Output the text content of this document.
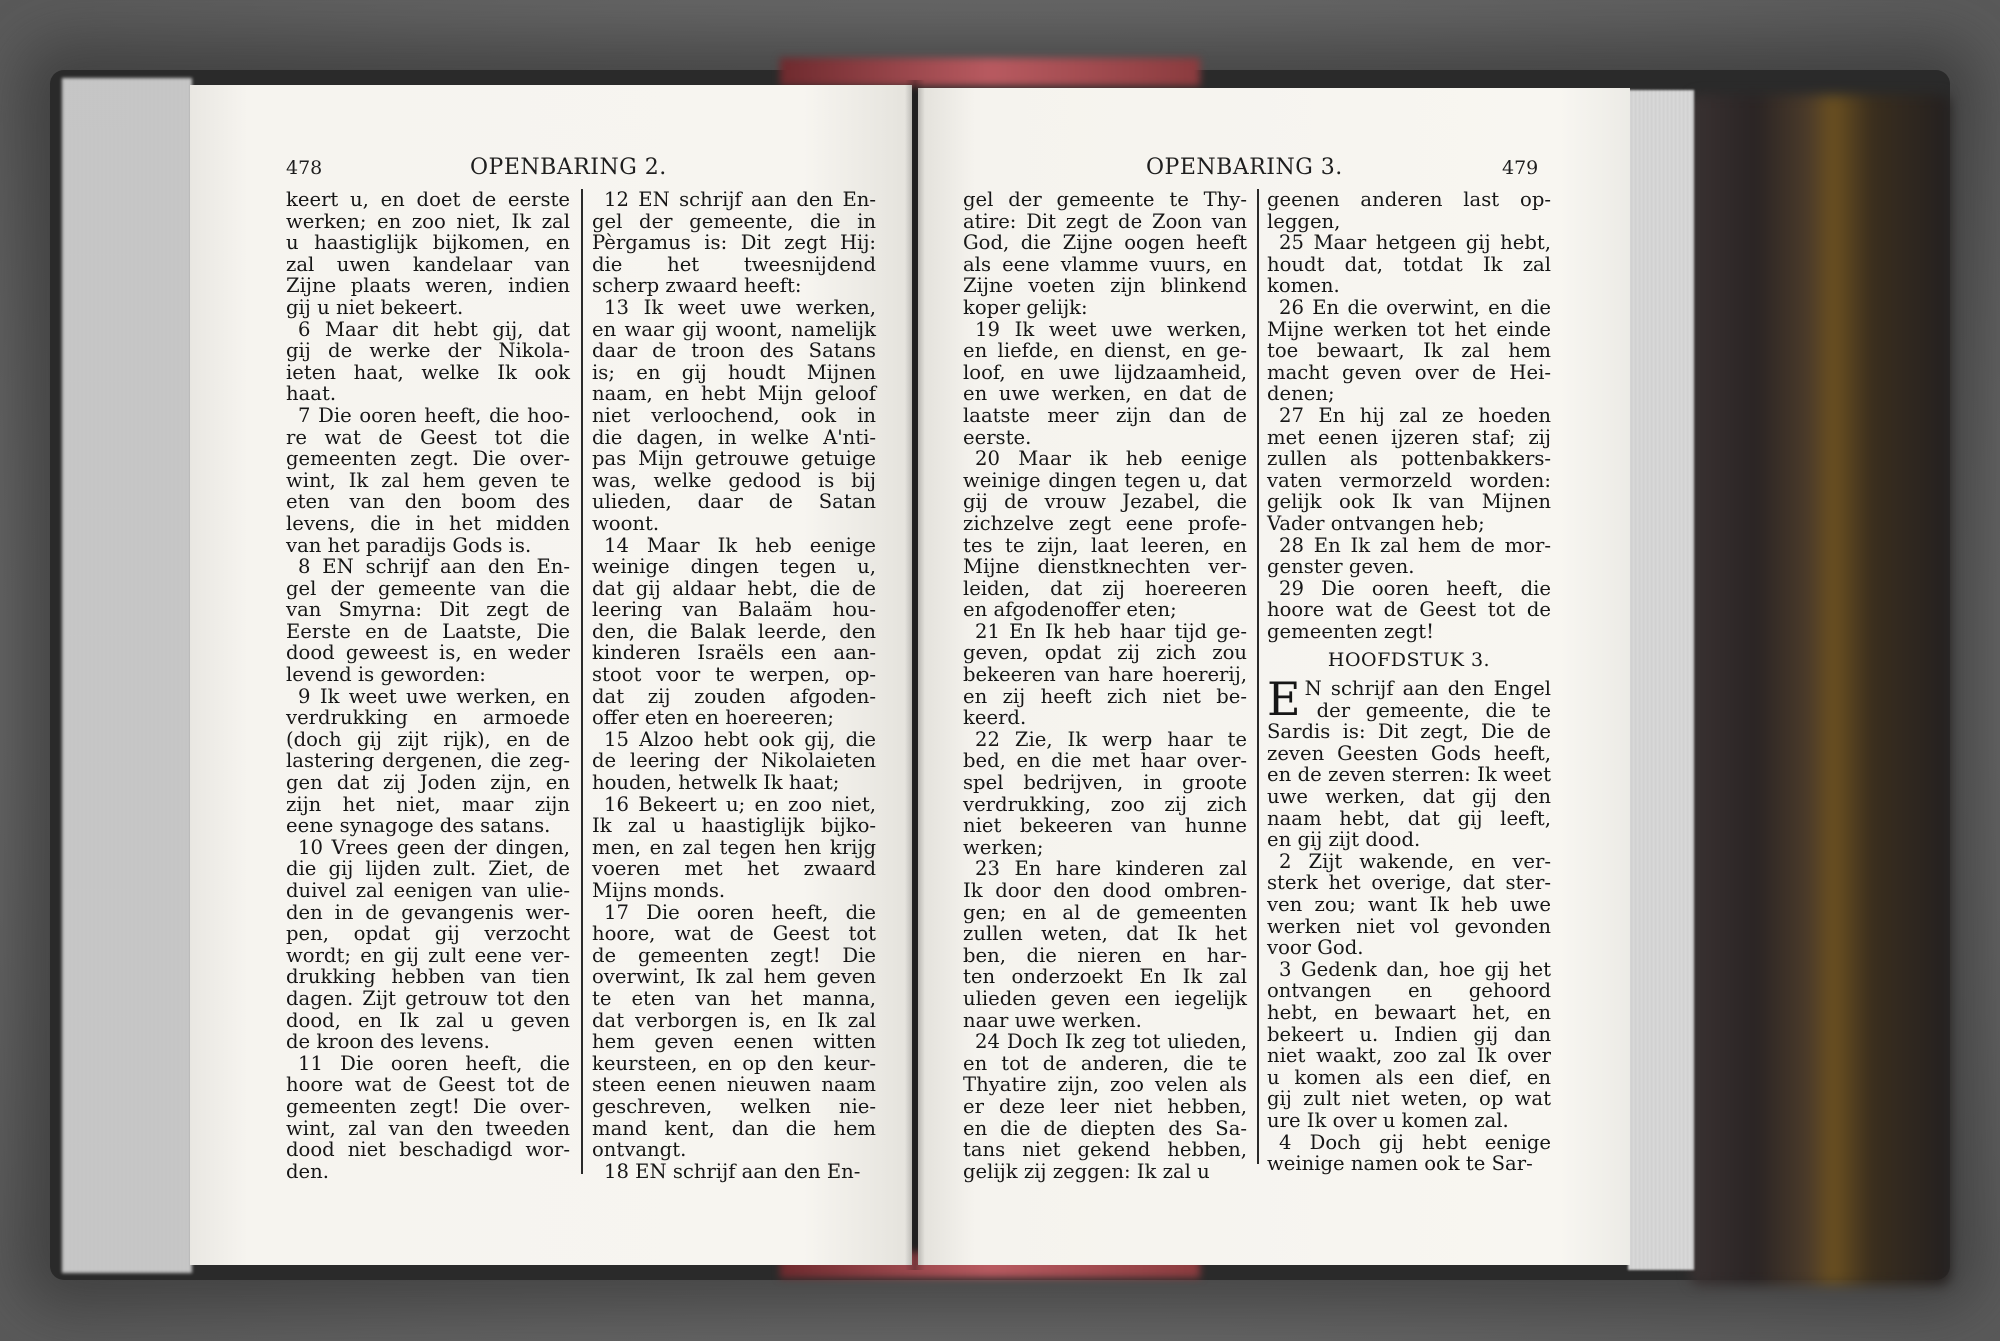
478	OPENBARING 2.	OPENBARING 3.	479

keert u, en doet de eerste

werken; en zoo niet, Ik zal

u haastiglijk bijkomen, en

zal uwen kandelaar van

Zijne plaats weren, indien

gij u niet bekeert.

6 Maar dit hebt gij, dat

gij de werke der Nikola-

ieten haat, welke Ik ook

haat.

7 Die ooren heeft, die hoo-

re wat de Geest tot die

gemeenten zegt. Die over-

wint, Ik zal hem geven te

eten van den boom des

levens, die in het midden

van het paradijs Gods is.

8 EN schrijf aan den En-

gel der gemeente van die

van Smyrna: Dit zegt de

Eerste en de Laatste, Die

dood geweest is, en weder

levend is geworden:

9 Ik weet uwe werken, en

verdrukking en armoede

(doch gij zijt rijk), en de

lastering dergenen, die zeg-

gen dat zij Joden zijn, en

zijn het niet, maar zijn

eene synagoge des satans.

10 Vrees geen der dingen,

die gij lijden zult. Ziet, de

duivel zal eenigen van ulie-

den in de gevangenis wer-

pen, opdat gij verzocht

wordt; en gij zult eene ver-

drukking hebben van tien

dagen. Zijt getrouw tot den

dood, en Ik zal u geven

de kroon des levens.

11 Die ooren heeft, die

hoore wat de Geest tot de

gemeenten zegt! Die over-

wint, zal van den tweeden

dood niet beschadigd wor-

den.

12 EN schrijf aan den En-

gel der gemeente, die in

Pèrgamus is: Dit zegt Hij:

die het tweesnijdend

scherp zwaard heeft:

13 Ik weet uwe werken,

en waar gij woont, namelijk

daar de troon des Satans

is; en gij houdt Mijnen

naam, en hebt Mijn geloof

niet verloochend, ook in

die dagen, in welke A'nti-

pas Mijn getrouwe getuige

was, welke gedood is bij

ulieden, daar de Satan

woont.

14 Maar Ik heb eenige

weinige dingen tegen u,

dat gij aldaar hebt, die de

leering van Balaäm hou-

den, die Balak leerde, den

kinderen Israëls een aan-

stoot voor te werpen, op-

dat zij zouden afgoden-

offer eten en hoereeren;

15 Alzoo hebt ook gij, die

de leering der Nikolaieten

houden, hetwelk Ik haat;

16 Bekeert u; en zoo niet,

Ik zal u haastiglijk bijko-

men, en zal tegen hen krijg

voeren met het zwaard

Mijns monds.

17 Die ooren heeft, die

hoore, wat de Geest tot

de gemeenten zegt! Die

overwint, Ik zal hem geven

te eten van het manna,

dat verborgen is, en Ik zal

hem geven eenen witten

keursteen, en op den keur-

steen eenen nieuwen naam

geschreven, welken nie-

mand kent, dan die hem

ontvangt.

18 EN schrijf aan den En-

gel der gemeente te Thy-

atire: Dit zegt de Zoon van

God, die Zijne oogen heeft

als eene vlamme vuurs, en

Zijne voeten zijn blinkend

koper gelijk:

19 Ik weet uwe werken,

en liefde, en dienst, en ge-

loof, en uwe lijdzaamheid,

en uwe werken, en dat de

laatste meer zijn dan de

eerste.

20 Maar ik heb eenige

weinige dingen tegen u, dat

gij de vrouw Jezabel, die

zichzelve zegt eene profe-

tes te zijn, laat leeren, en

Mijne dienstknechten ver-

leiden, dat zij hoereeren

en afgodenoffer eten;

21 En Ik heb haar tijd ge-

geven, opdat zij zich zou

bekeeren van hare hoererij,

en zij heeft zich niet be-

keerd.

22 Zie, Ik werp haar te

bed, en die met haar over-

spel bedrijven, in groote

verdrukking, zoo zij zich

niet bekeeren van hunne

werken;

23 En hare kinderen zal

Ik door den dood ombren-

gen; en al de gemeenten

zullen weten, dat Ik het

ben, die nieren en har-

ten onderzoekt En Ik zal

ulieden geven een iegelijk

naar uwe werken.

24 Doch Ik zeg tot ulieden,

en tot de anderen, die te

Thyatire zijn, zoo velen als

er deze leer niet hebben,

en die de diepten des Sa-

tans niet gekend hebben,

gelijk zij zeggen: Ik zal u

geenen anderen last op-

leggen,

25 Maar hetgeen gij hebt,

houdt dat, totdat Ik zal

komen.

26 En die overwint, en die

Mijne werken tot het einde

toe bewaart, Ik zal hem

macht geven over de Hei-

denen;

27 En hij zal ze hoeden

met eenen ijzeren staf; zij

zullen als pottenbakkers-

vaten vermorzeld worden:

gelijk ook Ik van Mijnen

Vader ontvangen heb;

28 En Ik zal hem de mor-

genster geven.

29 Die ooren heeft, die

hoore wat de Geest tot de

gemeenten zegt!

HOOFDSTUK 3.

E N schrijf aan den Engel

der gemeente, die te

Sardis is: Dit zegt, Die de

zeven Geesten Gods heeft,

en de zeven sterren: Ik weet

uwe werken, dat gij den

naam hebt, dat gij leeft,

en gij zijt dood.

2 Zijt wakende, en ver-

sterk het overige, dat ster-

ven zou; want Ik heb uwe

werken niet vol gevonden

voor God.

3 Gedenk dan, hoe gij het

ontvangen en gehoord

hebt, en bewaart het, en

bekeert u. Indien gij dan

niet waakt, zoo zal Ik over

u komen als een dief, en

gij zult niet weten, op wat

ure Ik over u komen zal.

4 Doch gij hebt eenige

weinige namen ook te Sar-
